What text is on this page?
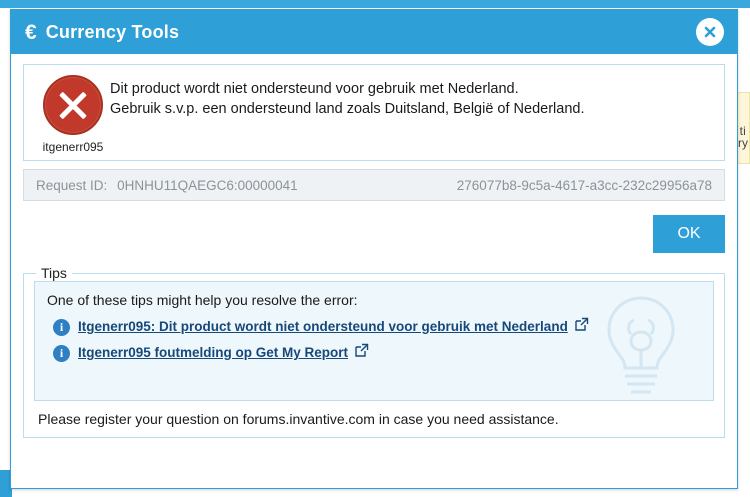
ti
ry
€ Currency Tools
itgenerr095
Dit product wordt niet ondersteund voor gebruik met Nederland.
Gebruik s.v.p. een ondersteund land zoals Duitsland, België of Nederland.
Request ID: 0HNHU11QAEGC6:00000041	276077b8-9c5a-4617-a3cc-232c29956a78
OK
Tips
One of these tips might help you resolve the error:
i	Itgenerr095: Dit product wordt niet ondersteund voor gebruik met Nederland
i	Itgenerr095 foutmelding op Get My Report
Please register your question on forums.invantive.com in case you need assistance.
